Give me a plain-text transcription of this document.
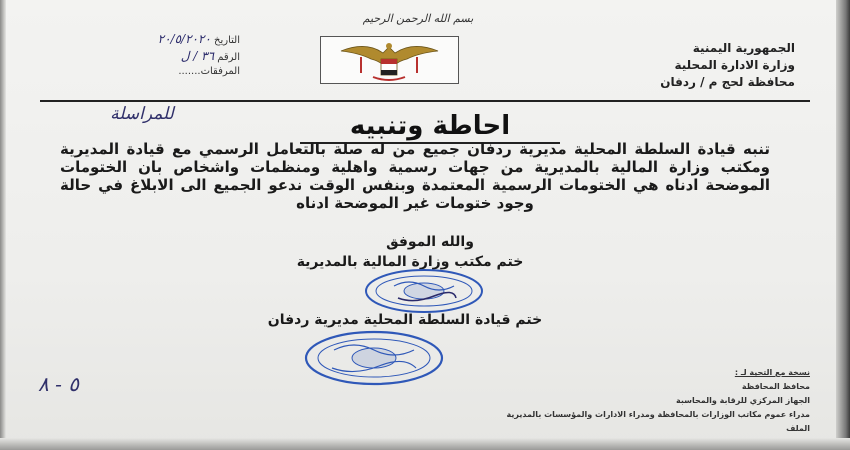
الجمهورية اليمنية
وزارة الادارة المحلية
محافظة لحج م / ردفان
بسم الله الرحمن الرحيم
التاريخ ٢٠/٥/٢٠٢٠
الرقم ٣٦ / ل
المرفقات.......
للمراسلة	احاطة وتنبيه
تنبه قيادة السلطة المحلية مديرية ردفان جميع من له صلة بالتعامل الرسمي مع قيادة المديرية ومكتب وزارة المالية بالمديرية من جهات رسمية واهلية ومنظمات واشخاص بان الختومات الموضحة ادناه هي الختومات الرسمية المعتمدة وبنفس الوقت ندعو الجميع الى الابلاغ في حالة وجود ختومات غير الموضحة ادناه
والله الموفق
ختم مكتب وزارة المالية بالمديرية
ختم قيادة السلطة المحلية مديرية ردفان
٥ - ٨	نسخة مع التحية لـ :
محافظ المحافظة
الجهاز المركزي للرقابة والمحاسبة
مدراء عموم مكاتب الوزارات بالمحافظة ومدراء الادارات والمؤسسات بالمديرية
الملف
